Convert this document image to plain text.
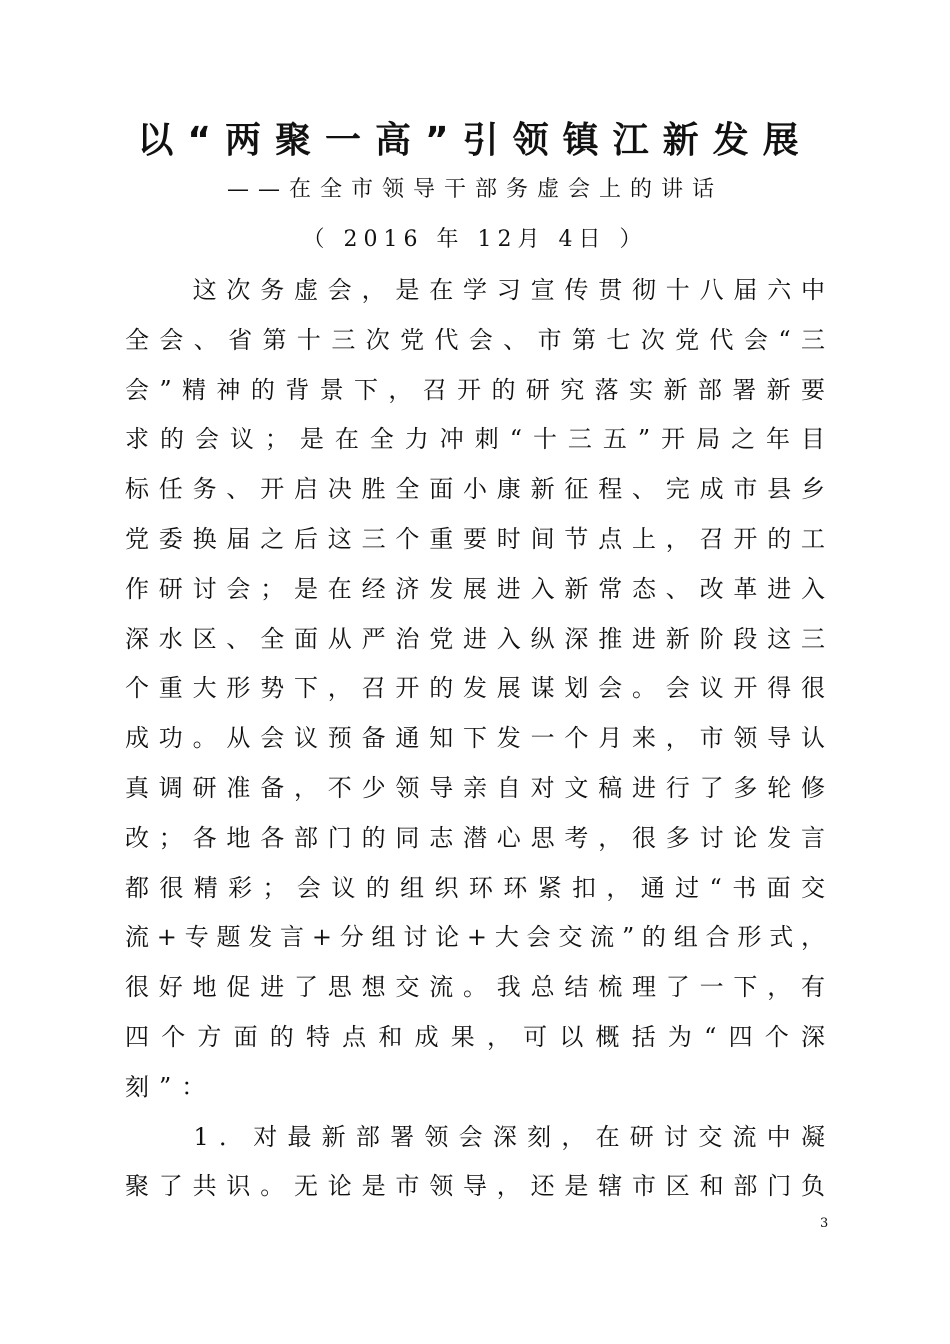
以“两聚一高”引领镇江新发展

——在全市领导干部务虚会上的讲话

（ 2016 年 12月 4日 ）

　　这次务虚会，是在学习宣传贯彻十八届六中
全会、省第十三次党代会、市第七次党代会“三
会”精神的背景下，召开的研究落实新部署新要
求的会议；是在全力冲刺“十三五”开局之年目
标任务、开启决胜全面小康新征程、完成市县乡
党委换届之后这三个重要时间节点上，召开的工
作研讨会；是在经济发展进入新常态、改革进入
深水区、全面从严治党进入纵深推进新阶段这三
个重大形势下，召开的发展谋划会。会议开得很
成功。从会议预备通知下发一个月来，市领导认
真调研准备，不少领导亲自对文稿进行了多轮修
改；各地各部门的同志潜心思考，很多讨论发言
都很精彩；会议的组织环环紧扣，通过“书面交
流+专题发言+分组讨论+大会交流”的组合形式，
很好地促进了思想交流。我总结梳理了一下，有
四个方面的特点和成果，可以概括为“四个深
刻”：
　　1．对最新部署领会深刻，在研讨交流中凝
聚了共识。无论是市领导，还是辖市区和部门负
3
